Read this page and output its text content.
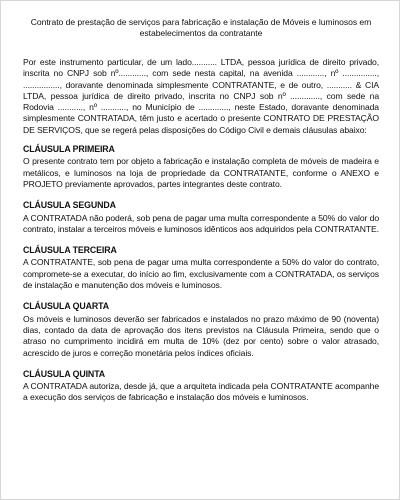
Contrato de prestação de serviços para fabricação e instalação de Móveis e luminosos em estabelecimentos da contratante

Por este instrumento particular, de um lado........... LTDA, pessoa jurídica de direito privado, inscrita no CNPJ sob nº............, com sede nesta capital, na avenida ............, nº ..............., ................, doravante denominada simplesmente CONTRATANTE, e de outro, ........... & CIA LTDA, pessoa jurídica de direito privado, inscrita no CNPJ sob nº ............., com sede na Rodovia ..........., nº ..........., no Município de ............., neste Estado, doravante denominada simplesmente CONTRATADA, têm justo e acertado o presente CONTRATO DE PRESTAÇÃO DE SERVIÇOS, que se regerá pelas disposições do Código Civil e demais cláusulas abaixo:

CLÁUSULA PRIMEIRA

O presente contrato tem por objeto a fabricação e instalação completa de móveis de madeira e metálicos, e luminosos na loja de propriedade da CONTRATANTE, conforme o ANEXO e PROJETO previamente aprovados, partes integrantes deste contrato.

CLÁUSULA SEGUNDA

A CONTRATADA não poderá, sob pena de pagar uma multa correspondente a 50% do valor do contrato, instalar a terceiros móveis e luminosos idênticos aos adquiridos pela CONTRATANTE.

CLÁUSULA TERCEIRA

A CONTRATANTE, sob pena de pagar uma multa correspondente a 50% do valor do contrato, compromete-se a executar, do início ao fim, exclusivamente com a CONTRATADA, os serviços de instalação e manutenção dos móveis e luminosos.

CLÁUSULA QUARTA

Os móveis e luminosos deverão ser fabricados e instalados no prazo máximo de 90 (noventa) dias, contado da data de aprovação dos itens previstos na Cláusula Primeira, sendo que o atraso no cumprimento incidirá em multa de 10% (dez por cento) sobre o valor atrasado, acrescido de juros e correção monetária pelos índices oficiais.

CLÁUSULA QUINTA

A CONTRATADA autoriza, desde já, que a arquiteta indicada pela CONTRATANTE acompanhe a execução dos serviços de fabricação e instalação dos móveis e luminosos.
